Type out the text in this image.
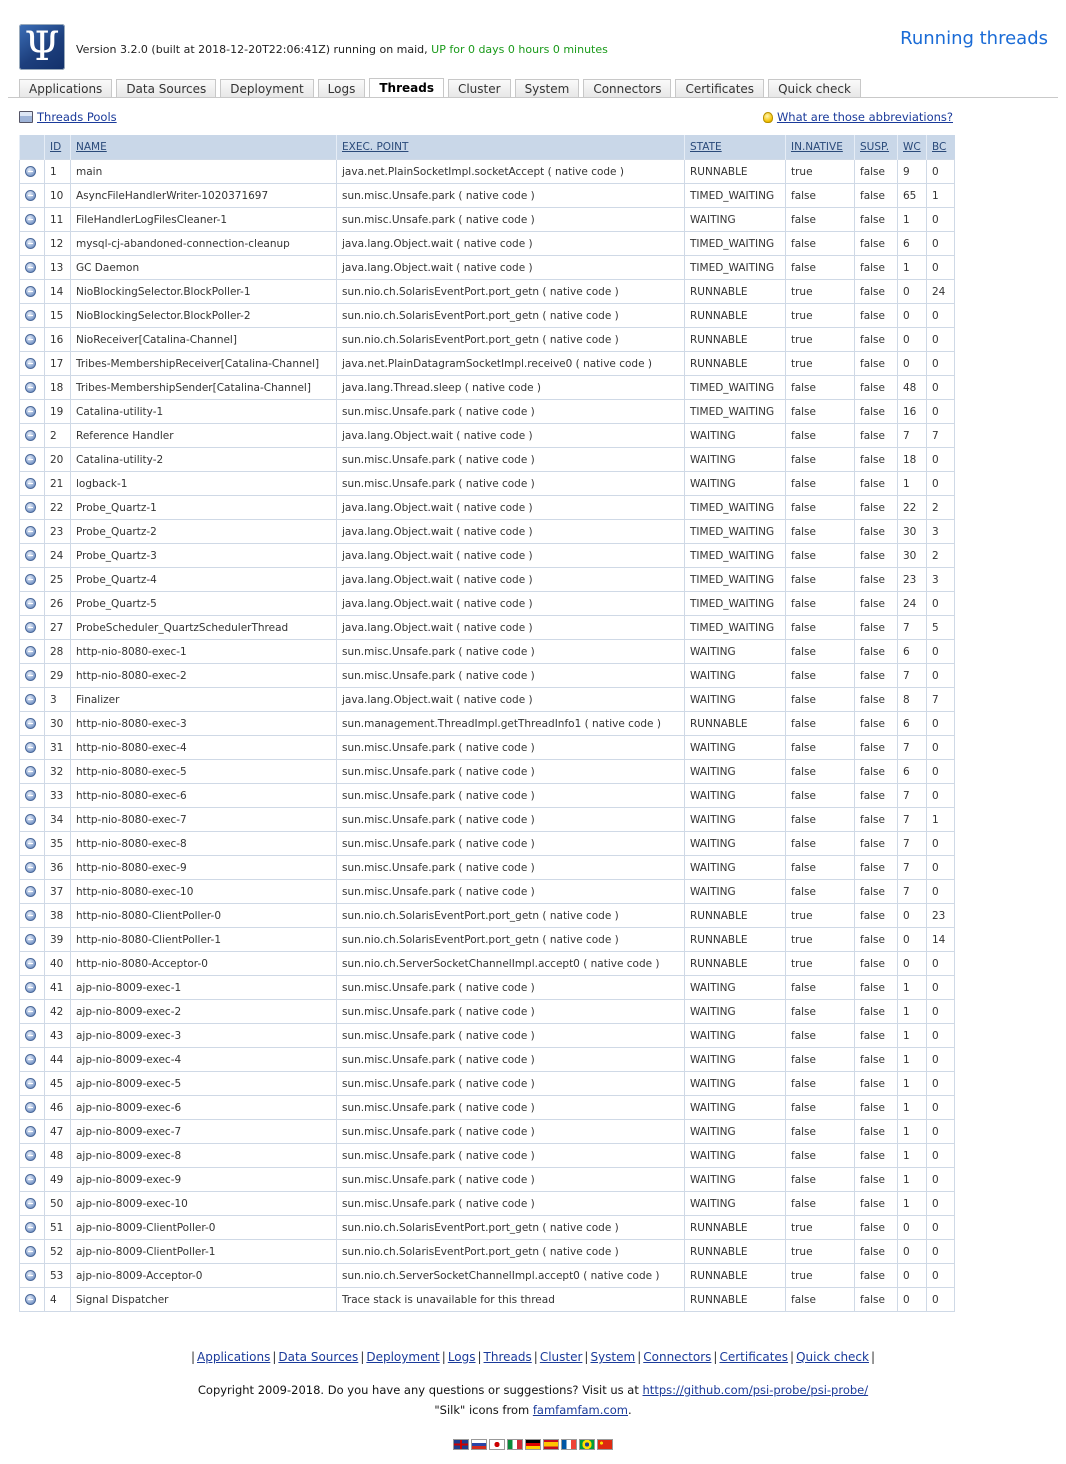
Ψ	Version 3.2.0 (built at 2018-12-20T22:06:41Z) running on maid, UP for 0 days 0 hours 0 minutes
Running threads
Applications	Data Sources	Deployment	Logs	Threads	Cluster	System	Connectors	Certificates	Quick check
Threads Pools	What are those abbreviations?
	ID	NAME	EXEC. POINT	STATE	IN.NATIVE	SUSP.	WC	BC
	1	main	java.net.PlainSocketImpl.socketAccept ( native code )	RUNNABLE	true	false	9	0
	10	AsyncFileHandlerWriter-1020371697	sun.misc.Unsafe.park ( native code )	TIMED_WAITING	false	false	65	1
	11	FileHandlerLogFilesCleaner-1	sun.misc.Unsafe.park ( native code )	WAITING	false	false	1	0
	12	mysql-cj-abandoned-connection-cleanup	java.lang.Object.wait ( native code )	TIMED_WAITING	false	false	6	0
	13	GC Daemon	java.lang.Object.wait ( native code )	TIMED_WAITING	false	false	1	0
	14	NioBlockingSelector.BlockPoller-1	sun.nio.ch.SolarisEventPort.port_getn ( native code )	RUNNABLE	true	false	0	24
	15	NioBlockingSelector.BlockPoller-2	sun.nio.ch.SolarisEventPort.port_getn ( native code )	RUNNABLE	true	false	0	0
	16	NioReceiver[Catalina-Channel]	sun.nio.ch.SolarisEventPort.port_getn ( native code )	RUNNABLE	true	false	0	0
	17	Tribes-MembershipReceiver[Catalina-Channel]	java.net.PlainDatagramSocketImpl.receive0 ( native code )	RUNNABLE	true	false	0	0
	18	Tribes-MembershipSender[Catalina-Channel]	java.lang.Thread.sleep ( native code )	TIMED_WAITING	false	false	48	0
	19	Catalina-utility-1	sun.misc.Unsafe.park ( native code )	TIMED_WAITING	false	false	16	0
	2	Reference Handler	java.lang.Object.wait ( native code )	WAITING	false	false	7	7
	20	Catalina-utility-2	sun.misc.Unsafe.park ( native code )	WAITING	false	false	18	0
	21	logback-1	sun.misc.Unsafe.park ( native code )	WAITING	false	false	1	0
	22	Probe_Quartz-1	java.lang.Object.wait ( native code )	TIMED_WAITING	false	false	22	2
	23	Probe_Quartz-2	java.lang.Object.wait ( native code )	TIMED_WAITING	false	false	30	3
	24	Probe_Quartz-3	java.lang.Object.wait ( native code )	TIMED_WAITING	false	false	30	2
	25	Probe_Quartz-4	java.lang.Object.wait ( native code )	TIMED_WAITING	false	false	23	3
	26	Probe_Quartz-5	java.lang.Object.wait ( native code )	TIMED_WAITING	false	false	24	0
	27	ProbeScheduler_QuartzSchedulerThread	java.lang.Object.wait ( native code )	TIMED_WAITING	false	false	7	5
	28	http-nio-8080-exec-1	sun.misc.Unsafe.park ( native code )	WAITING	false	false	6	0
	29	http-nio-8080-exec-2	sun.misc.Unsafe.park ( native code )	WAITING	false	false	7	0
	3	Finalizer	java.lang.Object.wait ( native code )	WAITING	false	false	8	7
	30	http-nio-8080-exec-3	sun.management.ThreadImpl.getThreadInfo1 ( native code )	RUNNABLE	false	false	6	0
	31	http-nio-8080-exec-4	sun.misc.Unsafe.park ( native code )	WAITING	false	false	7	0
	32	http-nio-8080-exec-5	sun.misc.Unsafe.park ( native code )	WAITING	false	false	6	0
	33	http-nio-8080-exec-6	sun.misc.Unsafe.park ( native code )	WAITING	false	false	7	0
	34	http-nio-8080-exec-7	sun.misc.Unsafe.park ( native code )	WAITING	false	false	7	1
	35	http-nio-8080-exec-8	sun.misc.Unsafe.park ( native code )	WAITING	false	false	7	0
	36	http-nio-8080-exec-9	sun.misc.Unsafe.park ( native code )	WAITING	false	false	7	0
	37	http-nio-8080-exec-10	sun.misc.Unsafe.park ( native code )	WAITING	false	false	7	0
	38	http-nio-8080-ClientPoller-0	sun.nio.ch.SolarisEventPort.port_getn ( native code )	RUNNABLE	true	false	0	23
	39	http-nio-8080-ClientPoller-1	sun.nio.ch.SolarisEventPort.port_getn ( native code )	RUNNABLE	true	false	0	14
	40	http-nio-8080-Acceptor-0	sun.nio.ch.ServerSocketChannelImpl.accept0 ( native code )	RUNNABLE	true	false	0	0
	41	ajp-nio-8009-exec-1	sun.misc.Unsafe.park ( native code )	WAITING	false	false	1	0
	42	ajp-nio-8009-exec-2	sun.misc.Unsafe.park ( native code )	WAITING	false	false	1	0
	43	ajp-nio-8009-exec-3	sun.misc.Unsafe.park ( native code )	WAITING	false	false	1	0
	44	ajp-nio-8009-exec-4	sun.misc.Unsafe.park ( native code )	WAITING	false	false	1	0
	45	ajp-nio-8009-exec-5	sun.misc.Unsafe.park ( native code )	WAITING	false	false	1	0
	46	ajp-nio-8009-exec-6	sun.misc.Unsafe.park ( native code )	WAITING	false	false	1	0
	47	ajp-nio-8009-exec-7	sun.misc.Unsafe.park ( native code )	WAITING	false	false	1	0
	48	ajp-nio-8009-exec-8	sun.misc.Unsafe.park ( native code )	WAITING	false	false	1	0
	49	ajp-nio-8009-exec-9	sun.misc.Unsafe.park ( native code )	WAITING	false	false	1	0
	50	ajp-nio-8009-exec-10	sun.misc.Unsafe.park ( native code )	WAITING	false	false	1	0
	51	ajp-nio-8009-ClientPoller-0	sun.nio.ch.SolarisEventPort.port_getn ( native code )	RUNNABLE	true	false	0	0
	52	ajp-nio-8009-ClientPoller-1	sun.nio.ch.SolarisEventPort.port_getn ( native code )	RUNNABLE	true	false	0	0
	53	ajp-nio-8009-Acceptor-0	sun.nio.ch.ServerSocketChannelImpl.accept0 ( native code )	RUNNABLE	true	false	0	0
	4	Signal Dispatcher	Trace stack is unavailable for this thread	RUNNABLE	false	false	0	0
| Applications | Data Sources | Deployment | Logs | Threads | Cluster | System | Connectors | Certificates | Quick check |
Copyright 2009-2018. Do you have any questions or suggestions? Visit us at https://github.com/psi-probe/psi-probe/
"Silk" icons from famfamfam.com.
